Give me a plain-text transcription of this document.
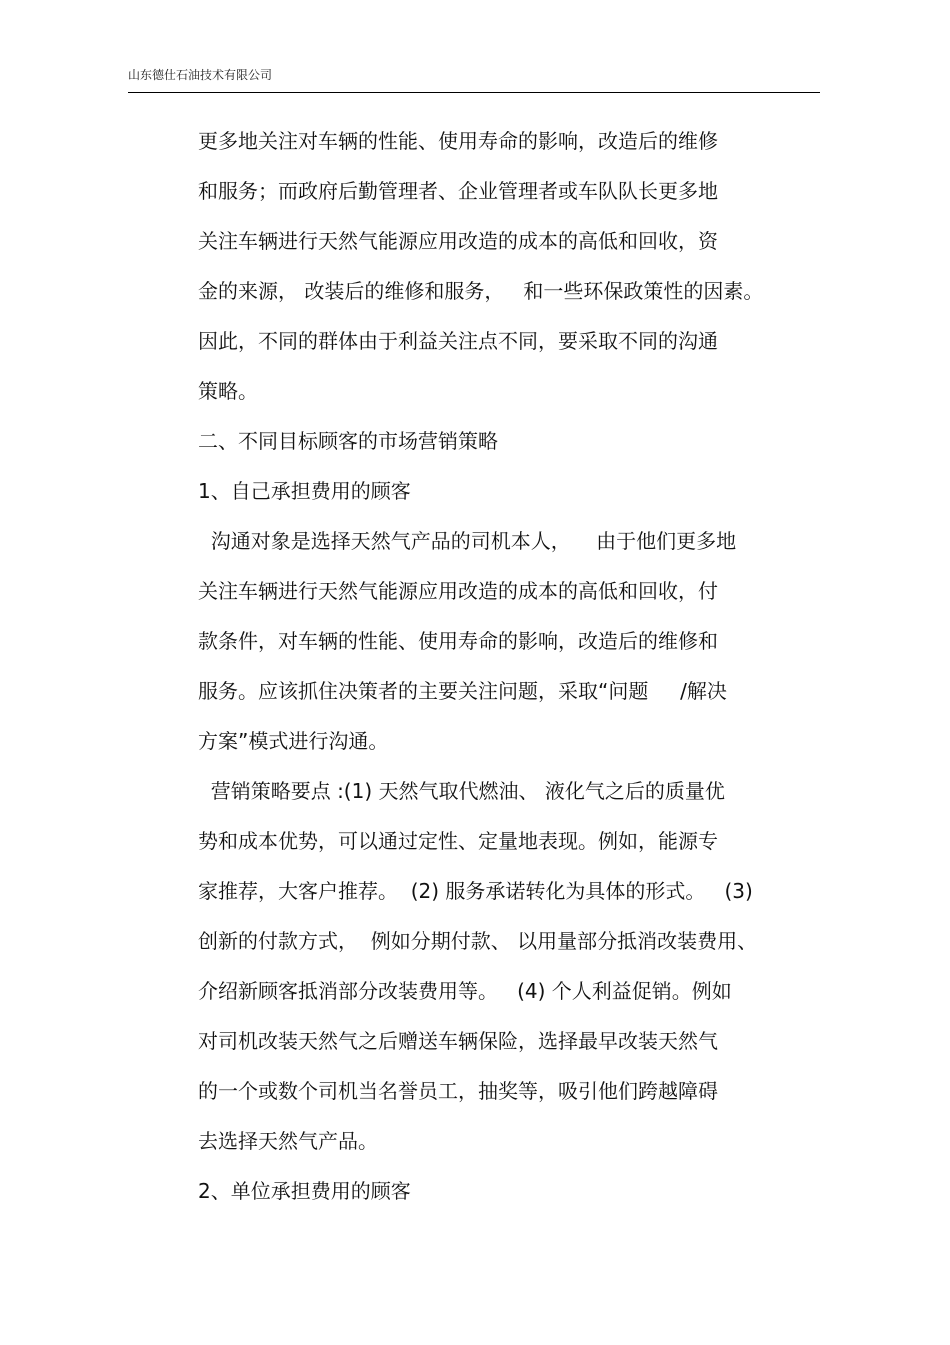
山东德仕石油技术有限公司
更多地关注对车辆的性能、使用寿命的影响，改造后的维修
和服务；而政府后勤管理者、企业管理者或车队队长更多地
关注车辆进行天然气能源应用改造的成本的高低和回收，资
金的来源， 改装后的维修和服务，   和一些环保政策性的因素。
因此，不同的群体由于利益关注点不同，要采取不同的沟通
策略。
二、不同目标顾客的市场营销策略
1、自己承担费用的顾客
沟通对象是选择天然气产品的司机本人，    由于他们更多地
关注车辆进行天然气能源应用改造的成本的高低和回收，付
款条件，对车辆的性能、使用寿命的影响，改造后的维修和
服务。应该抓住决策者的主要关注问题，采取“问题     /解决
方案”模式进行沟通。
营销策略要点 :(1) 天然气取代燃油、 液化气之后的质量优
势和成本优势，可以通过定性、定量地表现。例如，能源专
家推荐，大客户推荐。  (2) 服务承诺转化为具体的形式。   (3)
创新的付款方式，  例如分期付款、 以用量部分抵消改装费用、
介绍新顾客抵消部分改装费用等。   (4) 个人利益促销。例如
对司机改装天然气之后赠送车辆保险，选择最早改装天然气
的一个或数个司机当名誉员工，抽奖等，吸引他们跨越障碍
去选择天然气产品。
2、单位承担费用的顾客
